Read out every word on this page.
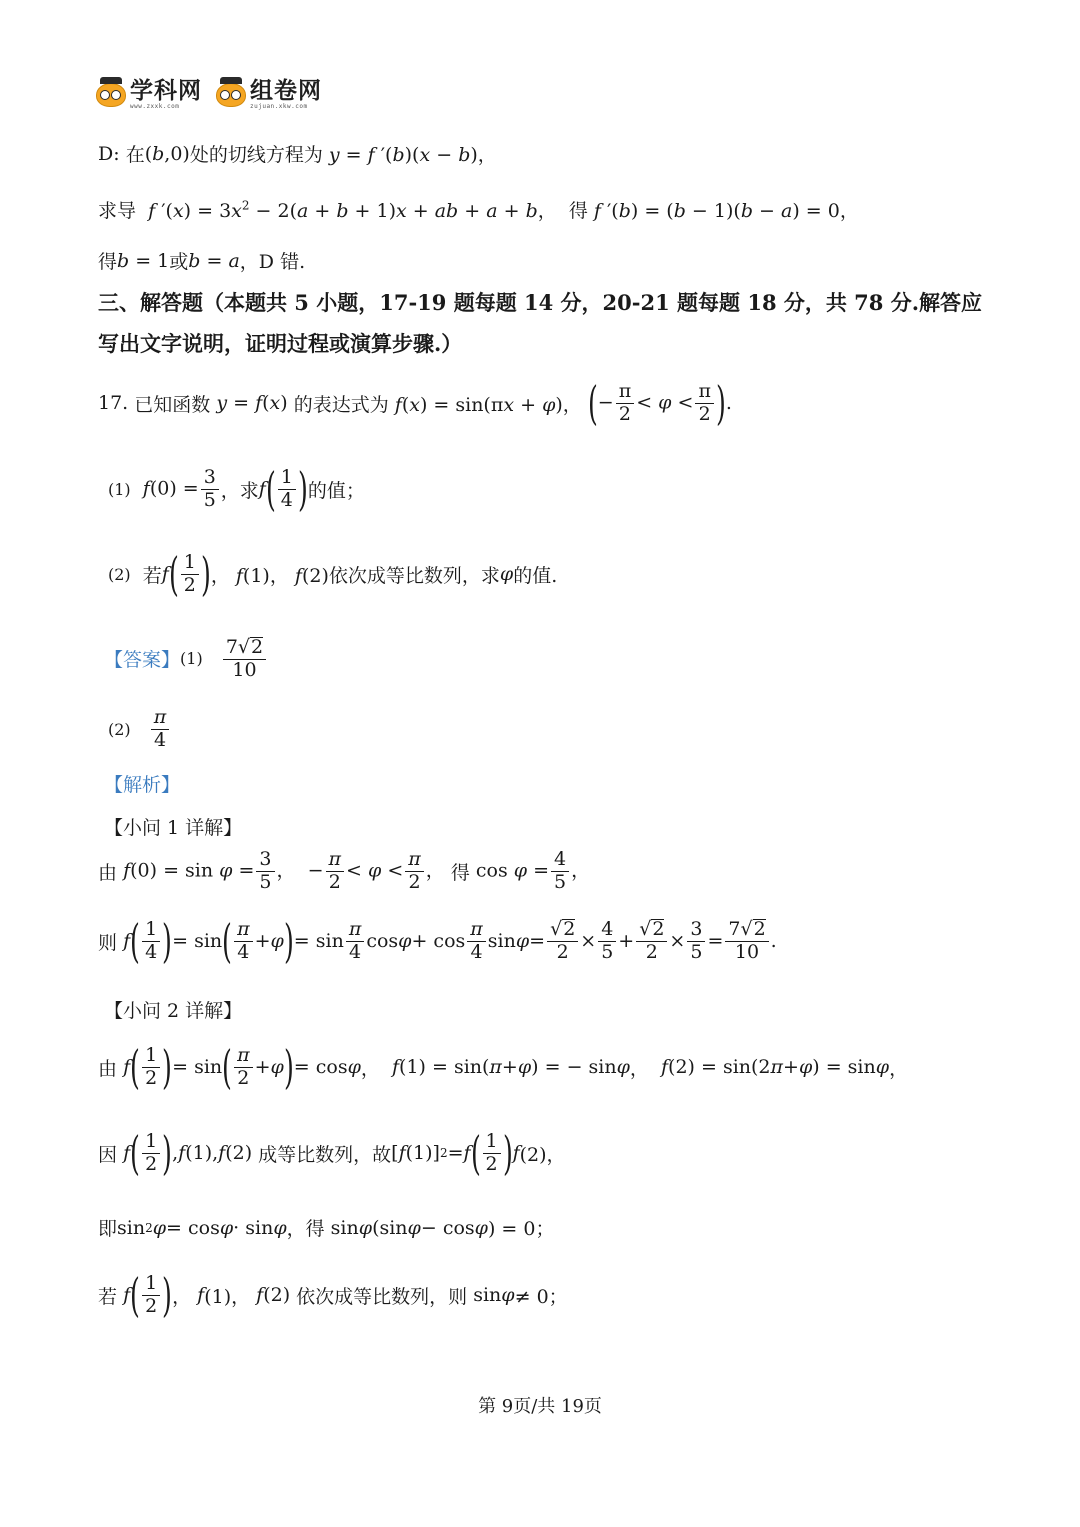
学科网
www.zxxk.com
组卷网
zujuan.xkw.com
D:
在 (b,0) 处的切线方程为 y = f ′(b)(x − b)，
求导
f $'(x) = 3x^2 - 2(a + b + 1)x$ + ab + a + b， 得 f ′(b) = (b − 1)(b − a) = 0，
得 b = 1 或 b = a ，D 错.
三、解答题（本题共 5 小题，17-19 题每题 14 分，20-21 题每题 18 分，共 78 分.解答应写出文字说明，证明过程或演算步骤.）
17.
已知函数 y = f(x) 的表达式为 f(x) = sin(πx + φ)， ( − $\frac{\pi}{2} < \varphi < \frac{\pi}{2}$ ) .
(1)
$f(0) = \frac{3}{5}$ ，求 f ( $\frac{1}{4}$ ) 的值；
(2)
若 f ( $\frac{1}{2}$ ) ， f(1)， f(2) 依次成等比数列，求 φ 的值.
【答案】 (1)
$\frac{7√2}{10}$
(2)
$\frac{\pi}{4}$
【解析】
【小问 1 详解】
由 $f(0) = \sin \varphi = \frac{3}{5}$ ，  − $\frac{\pi}{2} < \varphi < \frac{\pi}{2}$ ， 得 $\cos \varphi = \frac{4}{5}$ ，
则
f ( $\frac{1}{4}$ ) = sin ( $\frac{\pi}{4} + \varphi$ ) = $\sin \frac{\pi}{4}$ $\cos \varphi + \cos \frac{\pi}{4}$ $\sin \varphi = \frac{√2}{2} \times \frac{4}{5} + \frac{√2}{2} \times \frac{3}{5} = \frac{7√2}{10}$ .
【小问 2 详解】
由
f ( $\frac{1}{2}$ ) = sin ( $\frac{\pi}{2} + \varphi$ ) = cos φ ， f (1) = sin( π + φ ) = − sin φ ， f (2) = sin(2 π + φ ) = sin φ ，
因
f ( $\frac{1}{2}$ ) , f (1), f (2) 成等比数列，故 [ f (1)] 2 = f ( $\frac{1}{2}$ ) f (2)，
即 sin 2 φ = cos φ · sin φ ，得 sin φ (sin φ − cos φ ) = 0；
若
f ( $\frac{1}{2}$ ) ， f (1)， f (2) 依次成等比数列，则 sin φ ≠ 0；
第 9页/共 19页
